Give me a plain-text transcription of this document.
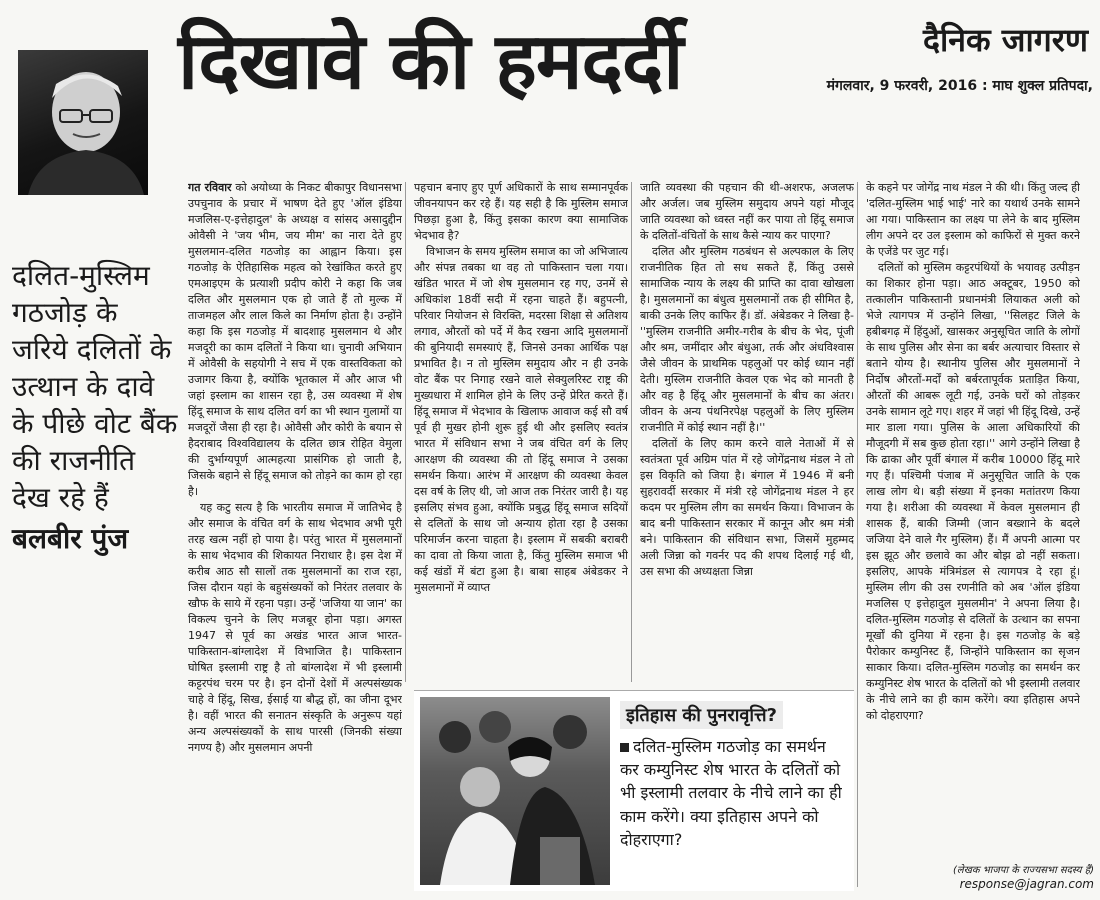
दिखावे की हमदर्दी	दैनिक जागरण
मंगलवार, 9 फरवरी, 2016 : माघ शुक्ल प्रतिपदा,
दलित-मुस्लिम गठजोड़ के जरिये दलितों के उत्थान के दावे के पीछे वोट बैंक की राजनीति देख रहे हैं
बलबीर पुंज

गत रविवार को अयोध्या के निकट बीकापुर विधानसभा उपचुनाव के प्रचार में भाषण देते हुए 'ऑल इंडिया मजलिस-ए-इत्तेहादुल' के अध्यक्ष व सांसद असादुद्दीन ओवैसी ने 'जय भीम, जय मीम' का नारा देते हुए मुसलमान-दलित गठजोड़ का आह्वान किया। इस गठजोड़ के ऐतिहासिक महत्व को रेखांकित करते हुए एमआइएम के प्रत्याशी प्रदीप कोरी ने कहा कि जब दलित और मुसलमान एक हो जाते हैं तो मुल्क में ताजमहल और लाल किले का निर्माण होता है। उन्होंने कहा कि इस गठजोड़ में बादशाह मुसलमान थे और मजदूरी का काम दलितों ने किया था। चुनावी अभियान में ओवैसी के सहयोगी ने सच में एक वास्तविकता को उजागर किया है, क्योंकि भूतकाल में और आज भी जहां इस्लाम का शासन रहा है, उस व्यवस्था में शेष हिंदू समाज के साथ दलित वर्ग का भी स्थान गुलामों या मजदूरों जैसा ही रहा है। ओवैसी और कोरी के बयान से हैदराबाद विश्वविद्यालय के दलित छात्र रोहित वेमुला की दुर्भाग्यपूर्ण आत्महत्या प्रासंगिक हो जाती है, जिसके बहाने से हिंदू समाज को तोड़ने का काम हो रहा है।

यह कटु सत्य है कि भारतीय समाज में जातिभेद है और समाज के वंचित वर्ग के साथ भेदभाव अभी पूरी तरह खत्म नहीं हो पाया है। परंतु भारत में मुसलमानों के साथ भेदभाव की शिकायत निराधार है। इस देश में करीब आठ सौ सालों तक मुसलमानों का राज रहा, जिस दौरान यहां के बहुसंख्यकों को निरंतर तलवार के खौफ के साये में रहना पड़ा। उन्हें 'जजिया या जान' का विकल्प चुनने के लिए मजबूर होना पड़ा। अगस्त 1947 से पूर्व का अखंड भारत आज भारत-पाकिस्तान-बांग्लादेश में विभाजित है। पाकिस्तान घोषित इस्लामी राष्ट्र है तो बांग्लादेश में भी इस्लामी कट्टरपंथ चरम पर है। इन दोनों देशों में अल्पसंख्यक चाहे वे हिंदू, सिख, ईसाई या बौद्ध हों, का जीना दूभर है। वहीं भारत की सनातन संस्कृति के अनुरूप यहां अन्य अल्पसंख्यकों के साथ पारसी (जिनकी संख्या नगण्य है) और मुसलमान अपनी

पहचान बनाए हुए पूर्ण अधिकारों के साथ सम्मानपूर्वक जीवनयापन कर रहे हैं। यह सही है कि मुस्लिम समाज पिछड़ा हुआ है, किंतु इसका कारण क्या सामाजिक भेदभाव है?

विभाजन के समय मुस्लिम समाज का जो अभिजात्य और संपन्न तबका था वह तो पाकिस्तान चला गया। खंडित भारत में जो शेष मुसलमान रह गए, उनमें से अधिकांश 18वीं सदी में रहना चाहते हैं। बहुपत्नी, परिवार नियोजन से विरक्ति, मदरसा शिक्षा से अतिशय लगाव, औरतों को पर्दे में कैद रखना आदि मुसलमानों की बुनियादी समस्याएं हैं, जिनसे उनका आर्थिक पक्ष प्रभावित है। न तो मुस्लिम समुदाय और न ही उनके वोट बैंक पर निगाह रखने वाले सेक्युलरिस्ट राष्ट्र की मुख्यधारा में शामिल होने के लिए उन्हें प्रेरित करते हैं। हिंदू समाज में भेदभाव के खिलाफ आवाज कई सौ वर्ष पूर्व ही मुखर होनी शुरू हुई थी और इसलिए स्वतंत्र भारत में संविधान सभा ने जब वंचित वर्ग के लिए आरक्षण की व्यवस्था की तो हिंदू समाज ने उसका समर्थन किया। आरंभ में आरक्षण की व्यवस्था केवल दस वर्ष के लिए थी, जो आज तक निरंतर जारी है। यह इसलिए संभव हुआ, क्योंकि प्रबुद्ध हिंदू समाज सदियों से दलितों के साथ जो अन्याय होता रहा है उसका परिमार्जन करना चाहता है। इस्लाम में सबकी बराबरी का दावा तो किया जाता है, किंतु मुस्लिम समाज भी कई खंडों में बंटा हुआ है। बाबा साहब अंबेडकर ने मुसलमानों में व्याप्त

जाति व्यवस्था की पहचान की थी-अशरफ, अजलफ और अर्जल। जब मुस्लिम समुदाय अपने यहां मौजूद जाति व्यवस्था को ध्वस्त नहीं कर पाया तो हिंदू समाज के दलितों-वंचितों के साथ कैसे न्याय कर पाएगा?

दलित और मुस्लिम गठबंधन से अल्पकाल के लिए राजनीतिक हित तो सध सकते हैं, किंतु उससे सामाजिक न्याय के लक्ष्य की प्राप्ति का दावा खोखला है। मुसलमानों का बंधुत्व मुसलमानों तक ही सीमित है, बाकी उनके लिए काफिर हैं। डॉ. अंबेडकर ने लिखा है-''मुस्लिम राजनीति अमीर-गरीब के बीच के भेद, पूंजी और श्रम, जमींदार और बंधुआ, तर्क और अंधविश्वास जैसे जीवन के प्राथमिक पहलुओं पर कोई ध्यान नहीं देती। मुस्लिम राजनीति केवल एक भेद को मानती है और वह है हिंदू और मुसलमानों के बीच का अंतर। जीवन के अन्य पंथनिरपेक्ष पहलुओं के लिए मुस्लिम राजनीति में कोई स्थान नहीं है।''

दलितों के लिए काम करने वाले नेताओं में से स्वतंत्रता पूर्व अग्रिम पांत में रहे जोगेंद्रनाथ मंडल ने तो इस विकृति को जिया है। बंगाल में 1946 में बनी सुहरावर्दी सरकार में मंत्री रहे जोगेंद्रनाथ मंडल ने हर कदम पर मुस्लिम लीग का समर्थन किया। विभाजन के बाद बनी पाकिस्तान सरकार में कानून और श्रम मंत्री बने। पाकिस्तान की संविधान सभा, जिसमें मुहम्मद अली जिन्ना को गवर्नर पद की शपथ दिलाई गई थी, उस सभा की अध्यक्षता जिन्ना

के कहने पर जोगेंद्र नाथ मंडल ने की थी। किंतु जल्द ही 'दलित-मुस्लिम भाई भाई' नारे का यथार्थ उनके सामने आ गया। पाकिस्तान का लक्ष्य पा लेने के बाद मुस्लिम लीग अपने दर उल इस्लाम को काफिरों से मुक्त करने के एजेंडे पर जुट गई।

दलितों को मुस्लिम कट्टरपंथियों के भयावह उत्पीड़न का शिकार होना पड़ा। आठ अक्टूबर, 1950 को तत्कालीन पाकिस्तानी प्रधानमंत्री लियाकत अली को भेजे त्यागपत्र में उन्होंने लिखा, ''सिलहट जिले के हबीबगढ़ में हिंदुओं, खासकर अनुसूचित जाति के लोगों के साथ पुलिस और सेना का बर्बर अत्याचार विस्तार से बताने योग्य है। स्थानीय पुलिस और मुसलमानों ने निर्दोष औरतों-मर्दों को बर्बरतापूर्वक प्रताड़ित किया, औरतों की आबरू लूटी गई, उनके घरों को तोड़कर उनके सामान लूटे गए। शहर में जहां भी हिंदू दिखे, उन्हें मार डाला गया। पुलिस के आला अधिकारियों की मौजूदगी में सब कुछ होता रहा।'' आगे उन्होंने लिखा है कि ढाका और पूर्वी बंगाल में करीब 10000 हिंदू मारे गए हैं। पश्चिमी पंजाब में अनुसूचित जाति के एक लाख लोग थे। बड़ी संख्या में इनका मतांतरण किया गया है। शरीआ की व्यवस्था में केवल मुसलमान ही शासक हैं, बाकी जिम्मी (जान बख्शाने के बदले जजिया देने वाले गैर मुस्लिम) हैं। मैं अपनी आत्मा पर इस झूठ और छलावे का और बोझ ढो नहीं सकता। इसलिए, आपके मंत्रिमंडल से त्यागपत्र दे रहा हूं। मुस्लिम लीग की उस रणनीति को अब 'ऑल इंडिया मजलिस ए इत्तेहादुल मुसलमीन' ने अपना लिया है। दलित-मुस्लिम गठजोड़ से दलितों के उत्थान का सपना मूर्खों की दुनिया में रहना है। इस गठजोड़ के बड़े पैरोकार कम्युनिस्ट हैं, जिन्होंने पाकिस्तान का सृजन साकार किया। दलित-मुस्लिम गठजोड़ का समर्थन कर कम्युनिस्ट शेष भारत के दलितों को भी इस्लामी तलवार के नीचे लाने का ही काम करेंगे। क्या इतिहास अपने को दोहराएगा?

इतिहास की पुनरावृत्ति?
दलित-मुस्लिम गठजोड़ का समर्थन कर कम्युनिस्ट शेष भारत के दलितों को भी इस्लामी तलवार के नीचे लाने का ही काम करेंगे। क्या इतिहास अपने को दोहराएगा?
(लेखक भाजपा के राज्यसभा सदस्य हैं)
response@jagran.com
